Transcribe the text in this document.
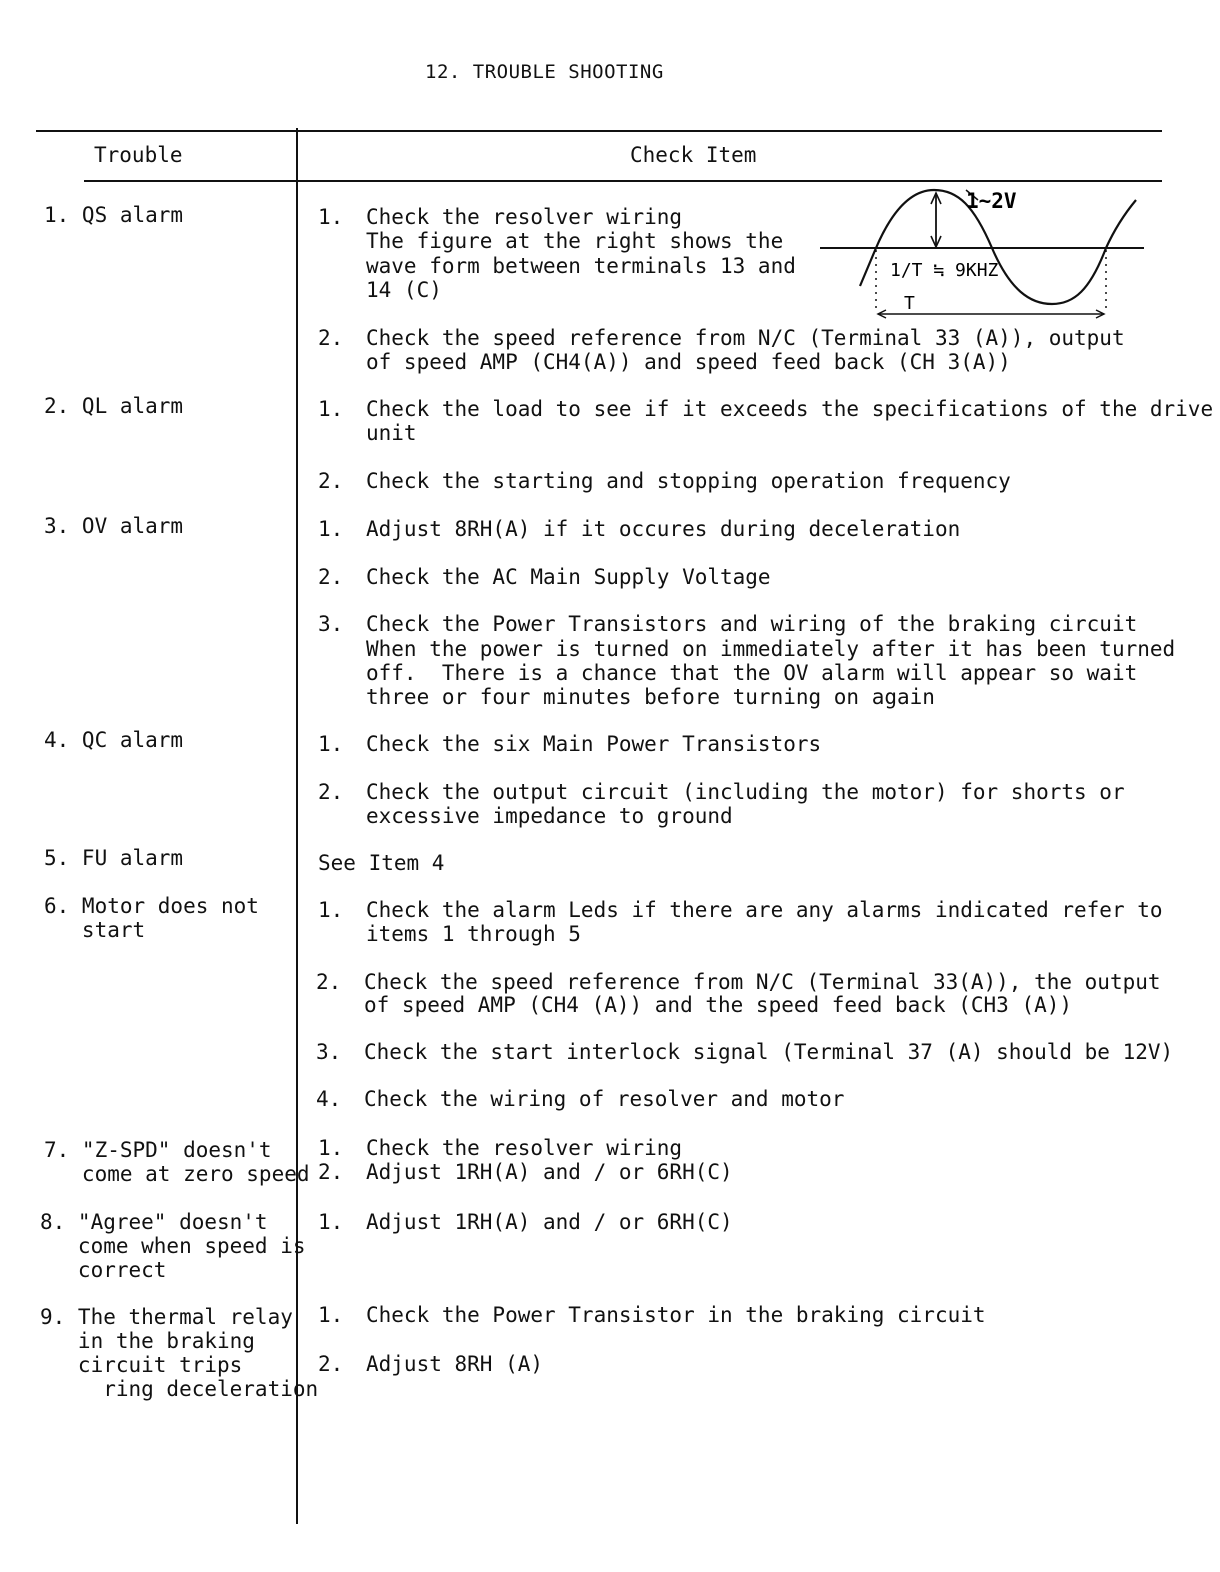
12. TROUBLE SHOOTING
Trouble	Check Item
1. QS alarm
2. QL alarm
3. OV alarm
4. QC alarm
5. FU alarm
6. Motor does not
start
7. "Z-SPD" doesn't
come at zero speed
8. "Agree" doesn't
come when speed is
correct
9. The thermal relay
in the braking
circuit trips
ring deceleration
1. Check the resolver wiring
The figure at the right shows the
wave form between terminals 13 and
14 (C)
2. Check the speed reference from N/C (Terminal 33 (A)), output
of speed AMP (CH4(A)) and speed feed back (CH 3(A))
1~2V
1/T ≒ 9KHZ
T
1. Check the load to see if it exceeds the specifications of the drive
unit
2. Check the starting and stopping operation frequency
1. Adjust 8RH(A) if it occures during deceleration
2. Check the AC Main Supply Voltage
3. Check the Power Transistors and wiring of the braking circuit
When the power is turned on immediately after it has been turned
off.  There is a chance that the OV alarm will appear so wait
three or four minutes before turning on again
1. Check the six Main Power Transistors
2. Check the output circuit (including the motor) for shorts or
excessive impedance to ground
See Item 4
1. Check the alarm Leds if there are any alarms indicated refer to
items 1 through 5
2. Check the speed reference from N/C (Terminal 33(A)), the output
of speed AMP (CH4 (A)) and the speed feed back (CH3 (A))
3. Check the start interlock signal (Terminal 37 (A) should be 12V)
4. Check the wiring of resolver and motor
1. Check the resolver wiring
2. Adjust 1RH(A) and / or 6RH(C)
1. Adjust 1RH(A) and / or 6RH(C)
1. Check the Power Transistor in the braking circuit
2. Adjust 8RH (A)
